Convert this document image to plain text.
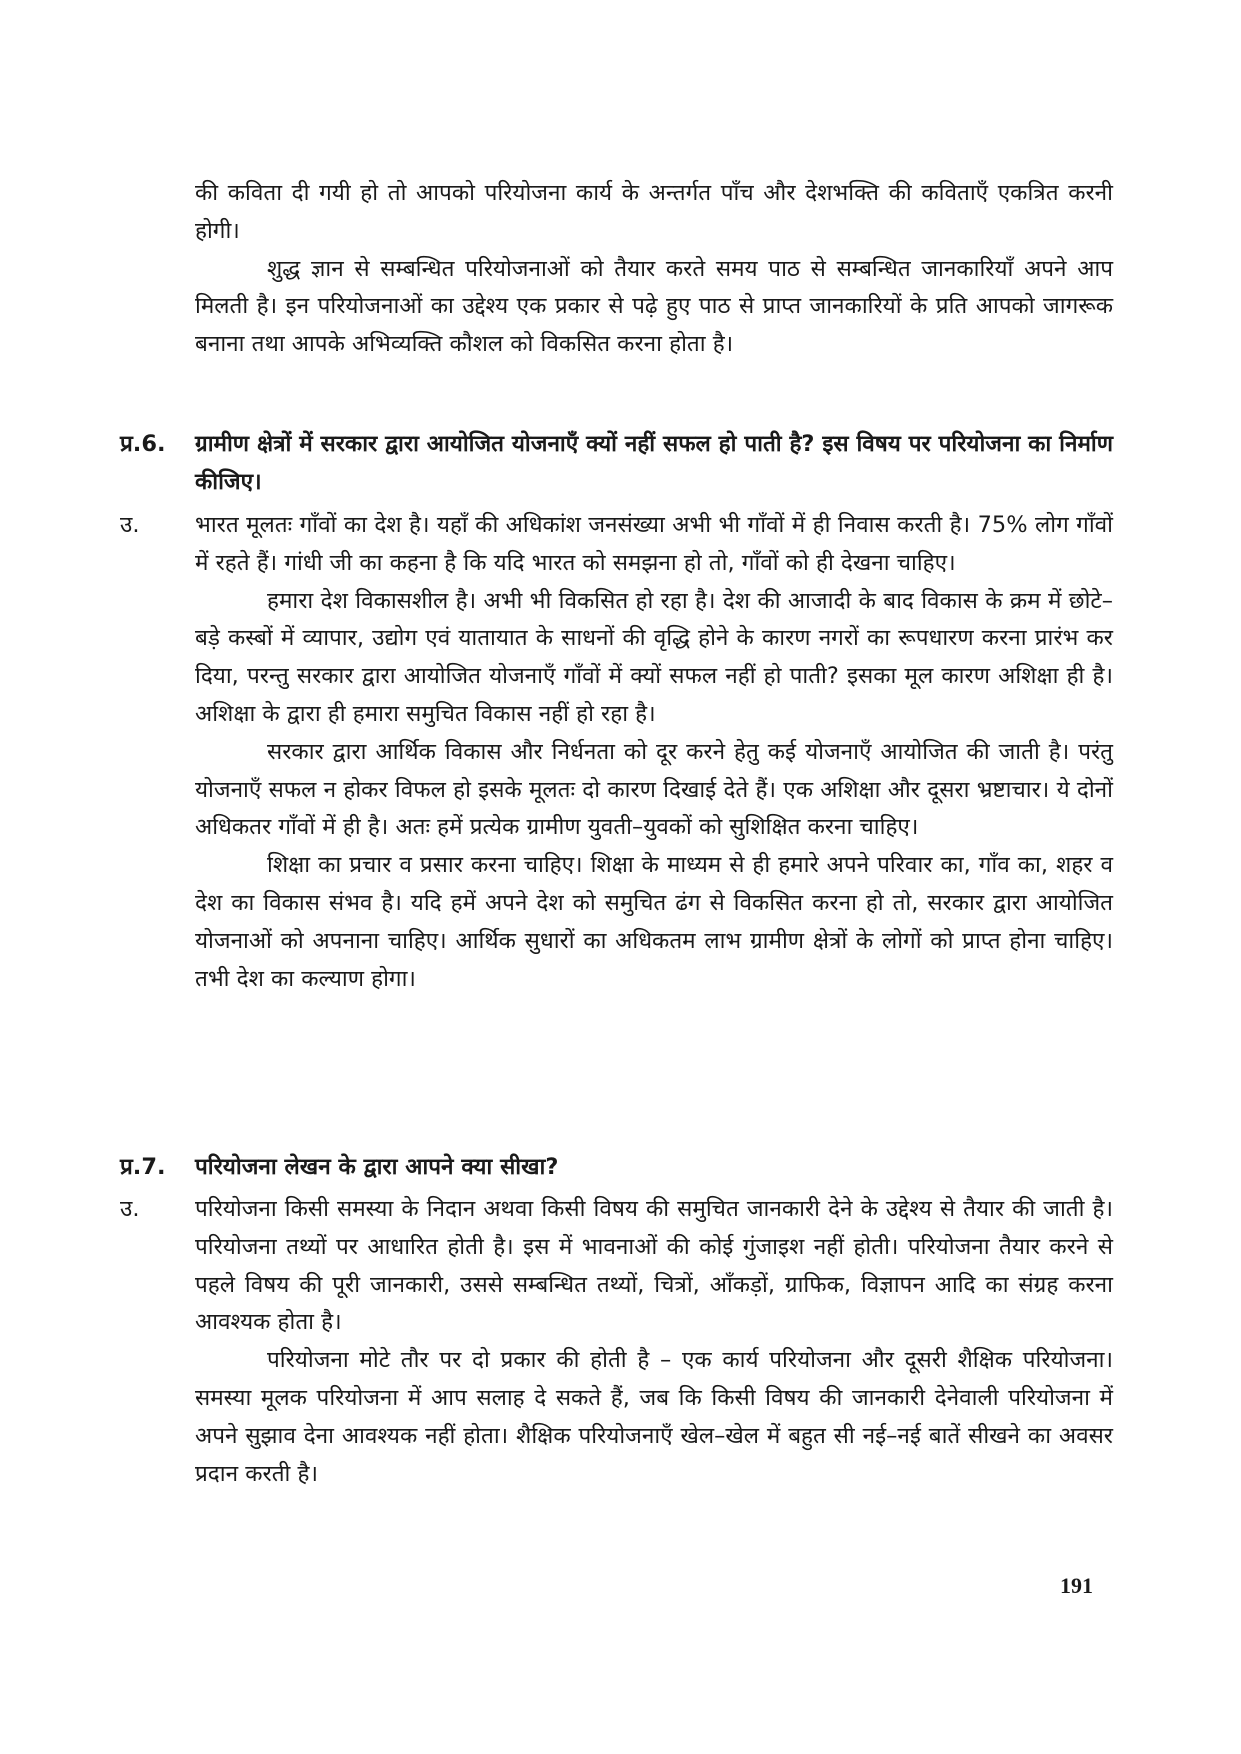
की कविता दी गयी हो तो आपको परियोजना कार्य के अन्तर्गत पाँच और देशभक्ति की कविताएँ एकत्रित करनी होगी।

शुद्ध ज्ञान से सम्बन्धित परियोजनाओं को तैयार करते समय पाठ से सम्बन्धित जानकारियाँ अपने आप मिलती है। इन परियोजनाओं का उद्देश्य एक प्रकार से पढ़े हुए पाठ से प्राप्त जानकारियों के प्रति आपको जागरूक बनाना तथा आपके अभिव्यक्ति कौशल को विकसित करना होता है।

प्र.6. ग्रामीण क्षेत्रों में सरकार द्वारा आयोजित योजनाएँ क्यों नहीं सफल हो पाती है? इस विषय पर परियोजना का निर्माण कीजिए।

उ. भारत मूलतः गाँवों का देश है। यहाँ की अधिकांश जनसंख्या अभी भी गाँवों में ही निवास करती है। 75% लोग गाँवों में रहते हैं। गांधी जी का कहना है कि यदि भारत को समझना हो तो, गाँवों को ही देखना चाहिए।

हमारा देश विकासशील है। अभी भी विकसित हो रहा है। देश की आजादी के बाद विकास के क्रम में छोटे–बड़े कस्बों में व्यापार, उद्योग एवं यातायात के साधनों की वृद्धि होने के कारण नगरों का रूपधारण करना प्रारंभ कर दिया, परन्तु सरकार द्वारा आयोजित योजनाएँ गाँवों में क्यों सफल नहीं हो पाती? इसका मूल कारण अशिक्षा ही है। अशिक्षा के द्वारा ही हमारा समुचित विकास नहीं हो रहा है।

सरकार द्वारा आर्थिक विकास और निर्धनता को दूर करने हेतु कई योजनाएँ आयोजित की जाती है। परंतु योजनाएँ सफल न होकर विफल हो इसके मूलतः दो कारण दिखाई देते हैं। एक अशिक्षा और दूसरा भ्रष्टाचार। ये दोनों अधिकतर गाँवों में ही है। अतः हमें प्रत्येक ग्रामीण युवती–युवकों को सुशिक्षित करना चाहिए।

शिक्षा का प्रचार व प्रसार करना चाहिए। शिक्षा के माध्यम से ही हमारे अपने परिवार का, गाँव का, शहर व देश का विकास संभव है। यदि हमें अपने देश को समुचित ढंग से विकसित करना हो तो, सरकार द्वारा आयोजित योजनाओं को अपनाना चाहिए। आर्थिक सुधारों का अधिकतम लाभ ग्रामीण क्षेत्रों के लोगों को प्राप्त होना चाहिए। तभी देश का कल्याण होगा।

प्र.7. परियोजना लेखन के द्वारा आपने क्या सीखा?

उ. परियोजना किसी समस्या के निदान अथवा किसी विषय की समुचित जानकारी देने के उद्देश्य से तैयार की जाती है। परियोजना तथ्यों पर आधारित होती है। इस में भावनाओं की कोई गुंजाइश नहीं होती। परियोजना तैयार करने से पहले विषय की पूरी जानकारी, उससे सम्बन्धित तथ्यों, चित्रों, आँकड़ों, ग्राफिक, विज्ञापन आदि का संग्रह करना आवश्यक होता है।

परियोजना मोटे तौर पर दो प्रकार की होती है – एक कार्य परियोजना और दूसरी शैक्षिक परियोजना। समस्या मूलक परियोजना में आप सलाह दे सकते हैं, जब कि किसी विषय की जानकारी देनेवाली परियोजना में अपने सुझाव देना आवश्यक नहीं होता। शैक्षिक परियोजनाएँ खेल–खेल में बहुत सी नई–नई बातें सीखने का अवसर प्रदान करती है।

191
